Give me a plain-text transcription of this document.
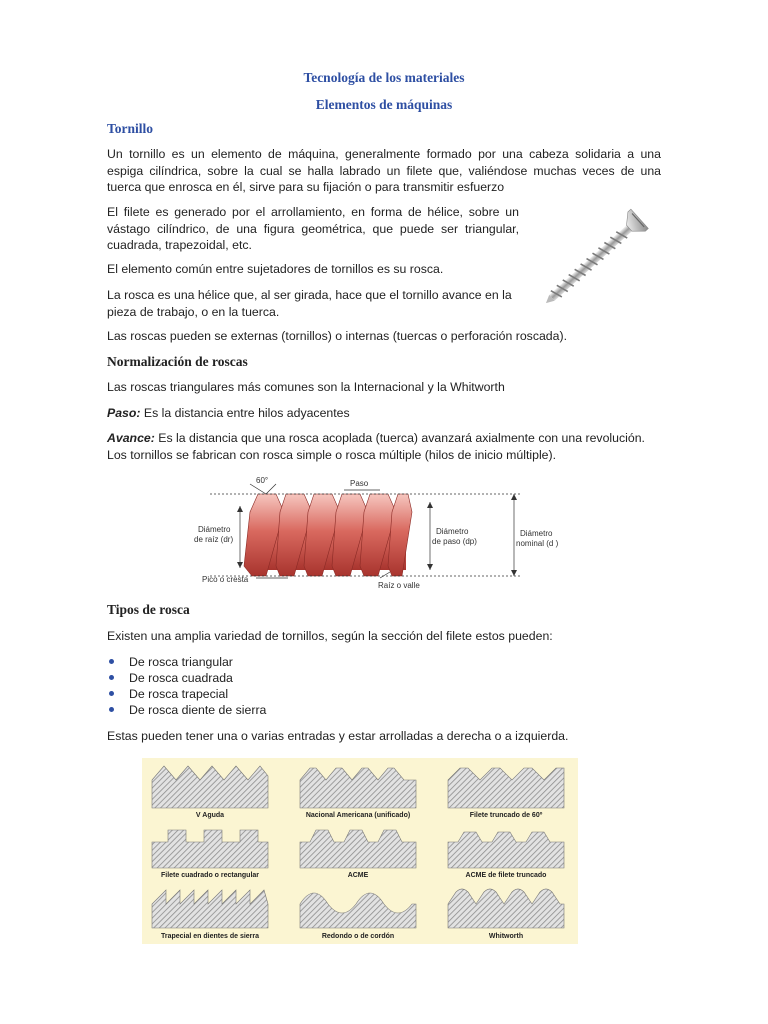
Tecnología de los materiales
Elementos de máquinas
Tornillo

Un tornillo es un elemento de máquina, generalmente formado por una cabeza solidaria a una
espiga cilíndrica, sobre la cual se halla labrado un filete que, valiéndose muchas veces de una
tuerca que enrosca en él, sirve para su fijación o para transmitir esfuerzo

El filete es generado por el arrollamiento, en forma de hélice, sobre un
vástago cilíndrico, de una figura geométrica, que puede ser triangular,
cuadrada, trapezoidal, etc.

El elemento común entre sujetadores de tornillos es su rosca.

La rosca es una hélice que, al ser girada, hace que el tornillo avance en la
pieza de trabajo, o en la tuerca.

Las roscas pueden se externas (tornillos) o internas (tuercas o perforación roscada).

Normalización de roscas

Las roscas triangulares más comunes son la Internacional y la Whitworth

Paso: Es la distancia entre hilos adyacentes

Avance: Es la distancia que una rosca acoplada (tuerca) avanzará axialmente con una revolución.
Los tornillos se fabrican con rosca simple o rosca múltiple (hilos de inicio múltiple).

60°	Paso
Diámetro
de raíz (dr)
Diámetro
de paso (dp)
Diámetro
nominal (d )
Pico o cresta
Raíz o valle
Tipos de rosca

Existen una amplia variedad de tornillos, según la sección del filete estos pueden:

De rosca triangular
De rosca cuadrada
De rosca trapecial
De rosca diente de sierra

Estas pueden tener una o varias entradas y estar arrolladas a derecha o a izquierda.

V Aguda	Nacional Americana (unificado)	Filete truncado de 60º
Filete cuadrado o rectangular	ACME	ACME de filete truncado
Trapecial en dientes de sierra	Redondo o de cordón	Whitworth
